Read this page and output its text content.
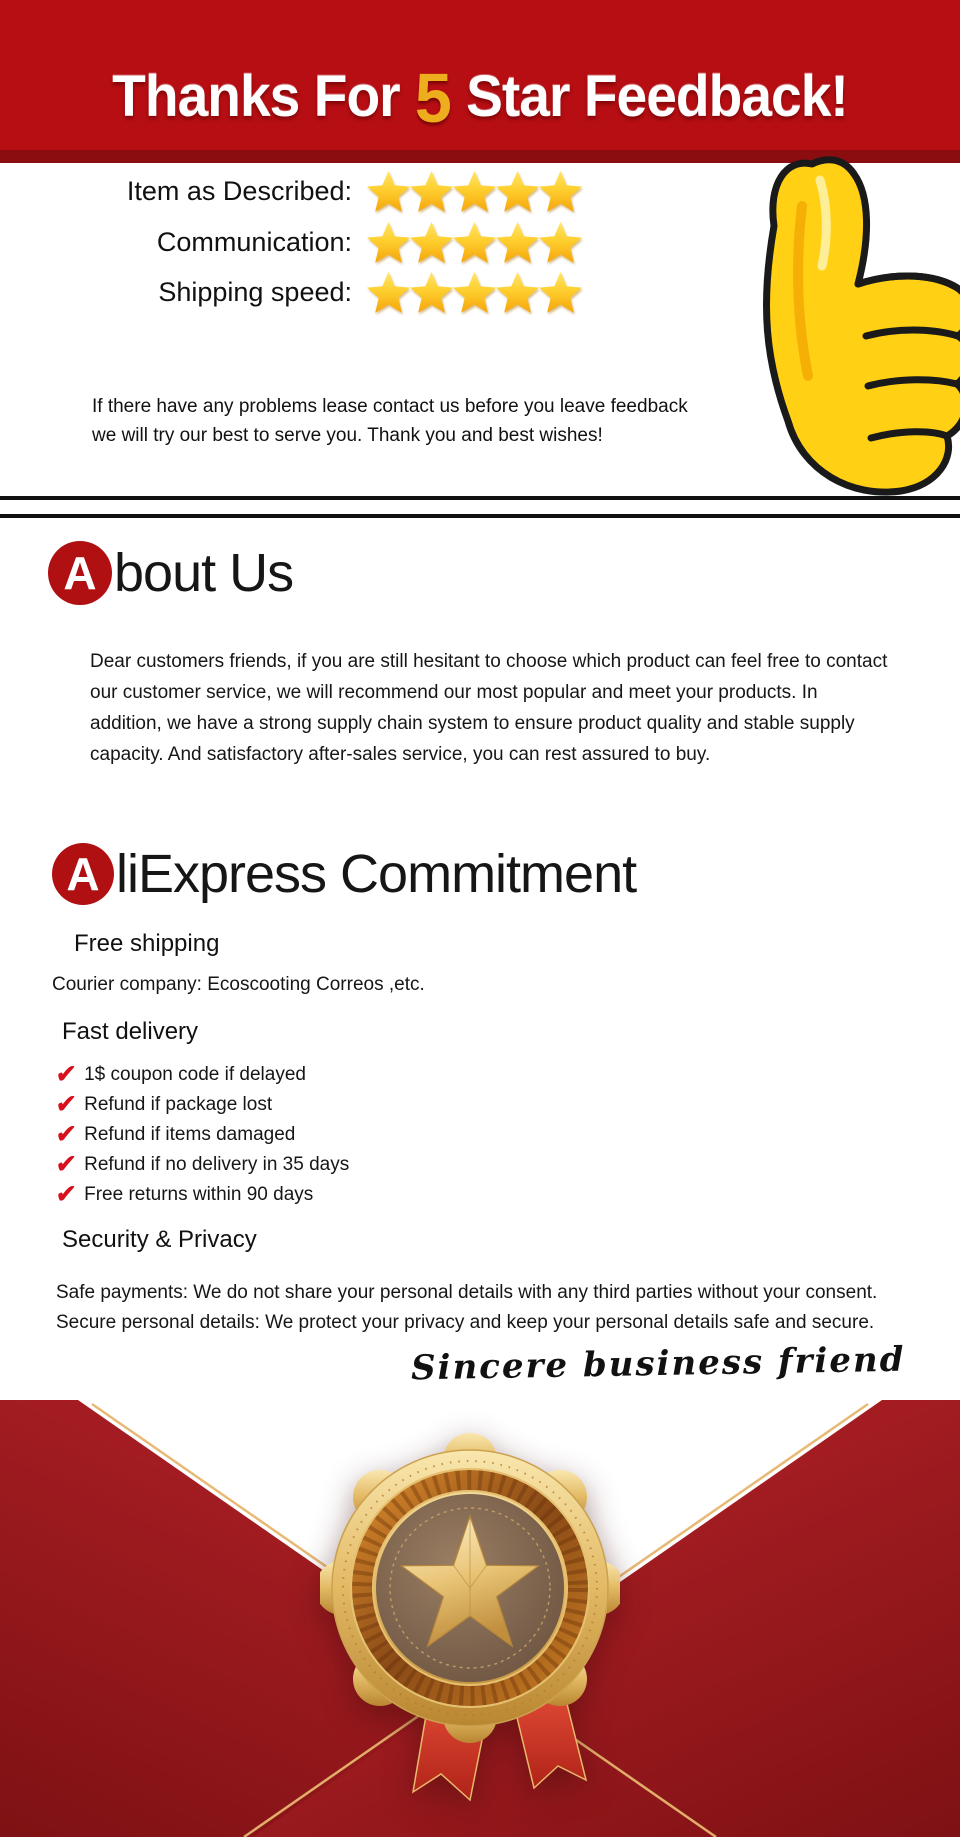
Thanks For 5 Star Feedback!
Item as Described:
Communication:
Shipping speed:
If there have any problems lease contact us before you leave feedback
we will try our best to serve you. Thank you and best wishes!
A bout Us
Dear customers friends, if you are still hesitant to choose which product can feel free to contact our customer service, we will recommend our most popular and meet your products. In addition, we have a strong supply chain system to ensure product quality and stable supply capacity. And satisfactory after-sales service, you can rest assured to buy.
A liExpress Commitment
Free shipping
Courier company: Ecoscooting Correos ,etc.
Fast delivery
✔ 1$ coupon code if delayed
✔ Refund if package lost
✔ Refund if items damaged
✔ Refund if no delivery in 35 days
✔ Free returns within 90 days
Security & Privacy
Safe payments: We do not share your personal details with any third parties without your consent.
Secure personal details: We protect your privacy and keep your personal details safe and secure.
Sincere business friend
